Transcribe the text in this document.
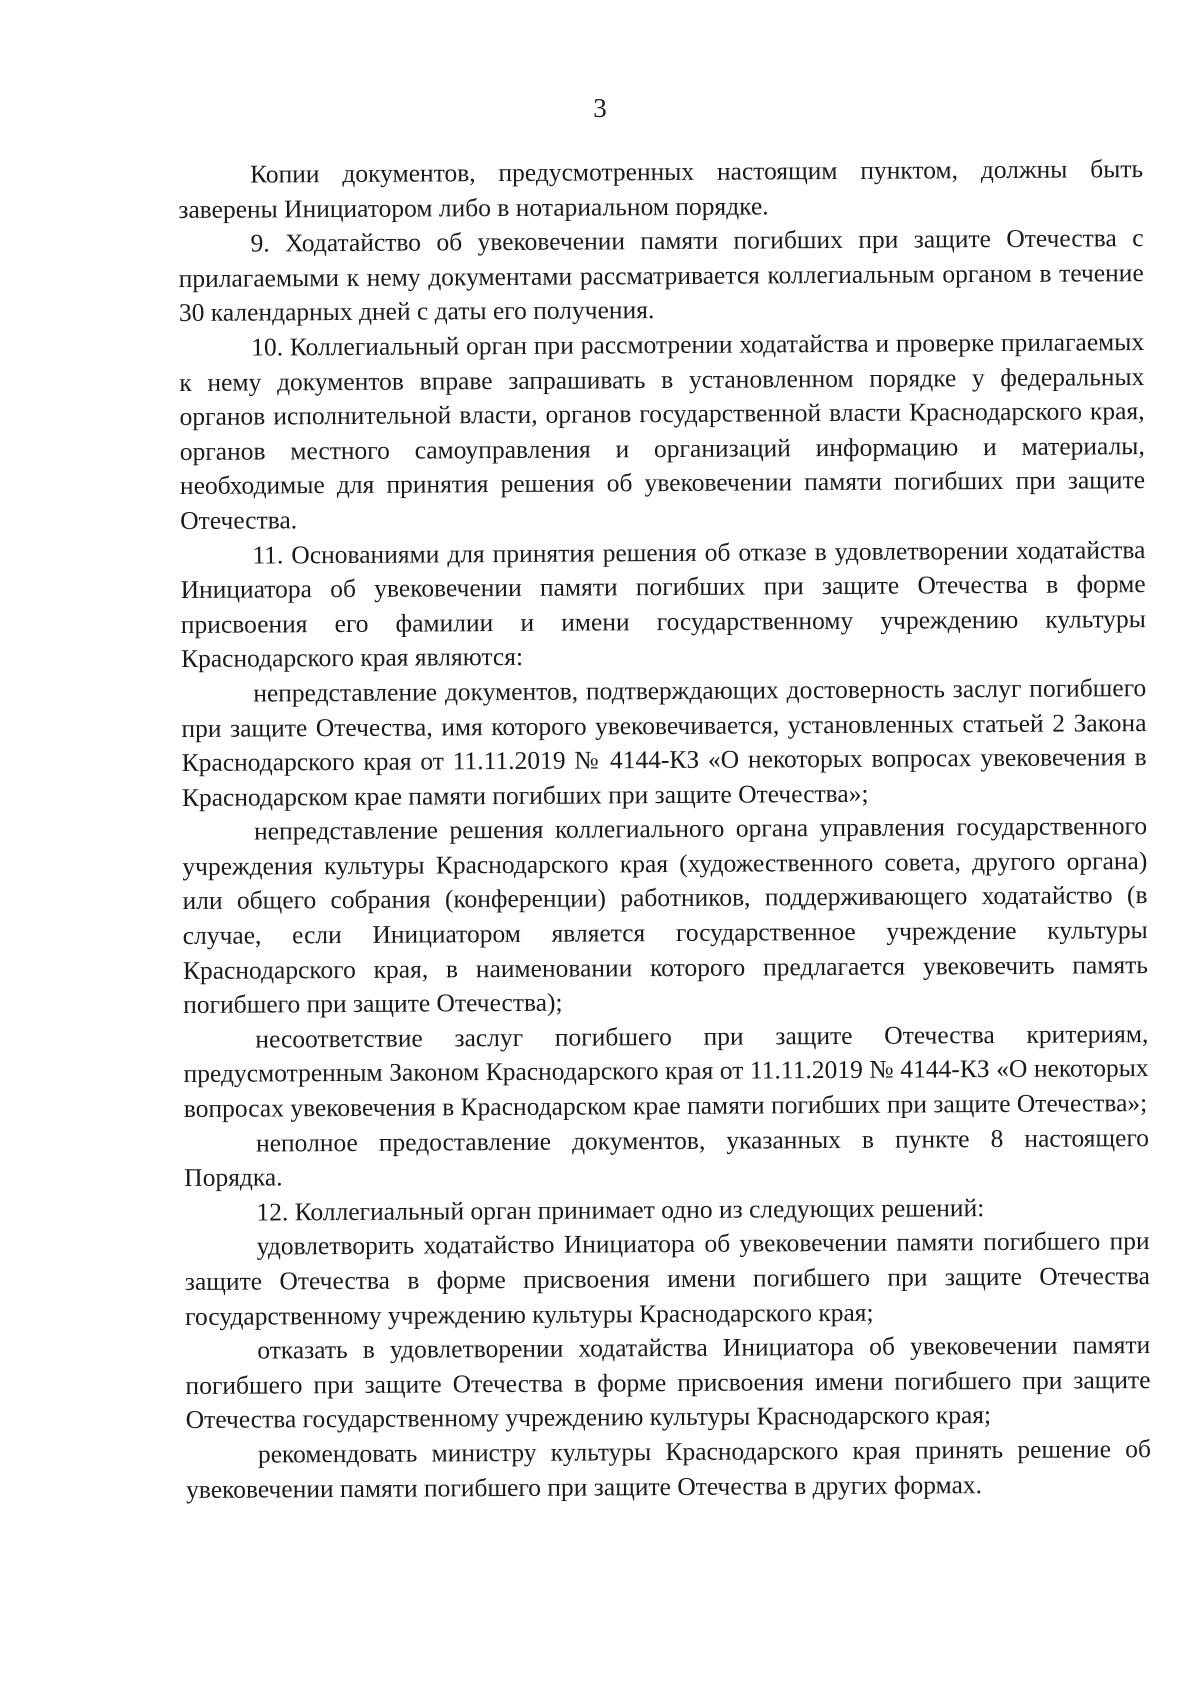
3

Копии документов, предусмотренных настоящим пунктом, должны быть заверены Инициатором либо в нотариальном порядке.

9. Ходатайство об увековечении памяти погибших при защите Отечества с прилагаемыми к нему документами рассматривается коллегиальным органом в течение 30 календарных дней с даты его получения.

10. Коллегиальный орган при рассмотрении ходатайства и проверке прилагаемых к нему документов вправе запрашивать в установленном порядке у федеральных органов исполнительной власти, органов государственной власти Краснодарского края, органов местного самоуправления и организаций информацию и материалы, необходимые для принятия решения об увековечении памяти погибших при защите Отечества.

11. Основаниями для принятия решения об отказе в удовлетворении ходатайства Инициатора об увековечении памяти погибших при защите Отечества в форме присвоения его фамилии и имени государственному учреждению культуры Краснодарского края являются:

непредставление документов, подтверждающих достоверность заслуг погибшего при защите Отечества, имя которого увековечивается, установленных статьей 2 Закона Краснодарского края от 11.11.2019 № 4144-КЗ «О некоторых вопросах увековечения в Краснодарском крае памяти погибших при защите Отечества»;

непредставление решения коллегиального органа управления государственного учреждения культуры Краснодарского края (художественного совета, другого органа) или общего собрания (конференции) работников, поддерживающего ходатайство (в случае, если Инициатором является государственное учреждение культуры Краснодарского края, в наименовании которого предлагается увековечить память погибшего при защите Отечества);

несоответствие заслуг погибшего при защите Отечества критериям, предусмотренным Законом Краснодарского края от 11.11.2019 № 4144-КЗ «О некоторых вопросах увековечения в Краснодарском крае памяти погибших при защите Отечества»;

неполное предоставление документов, указанных в пункте 8 настоящего Порядка.

12. Коллегиальный орган принимает одно из следующих решений:

удовлетворить ходатайство Инициатора об увековечении памяти погибшего при защите Отечества в форме присвоения имени погибшего при защите Отечества государственному учреждению культуры Краснодарского края;

отказать в удовлетворении ходатайства Инициатора об увековечении памяти погибшего при защите Отечества в форме присвоения имени погибшего при защите Отечества государственному учреждению культуры Краснодарского края;

рекомендовать министру культуры Краснодарского края принять решение об увековечении памяти погибшего при защите Отечества в других формах.
